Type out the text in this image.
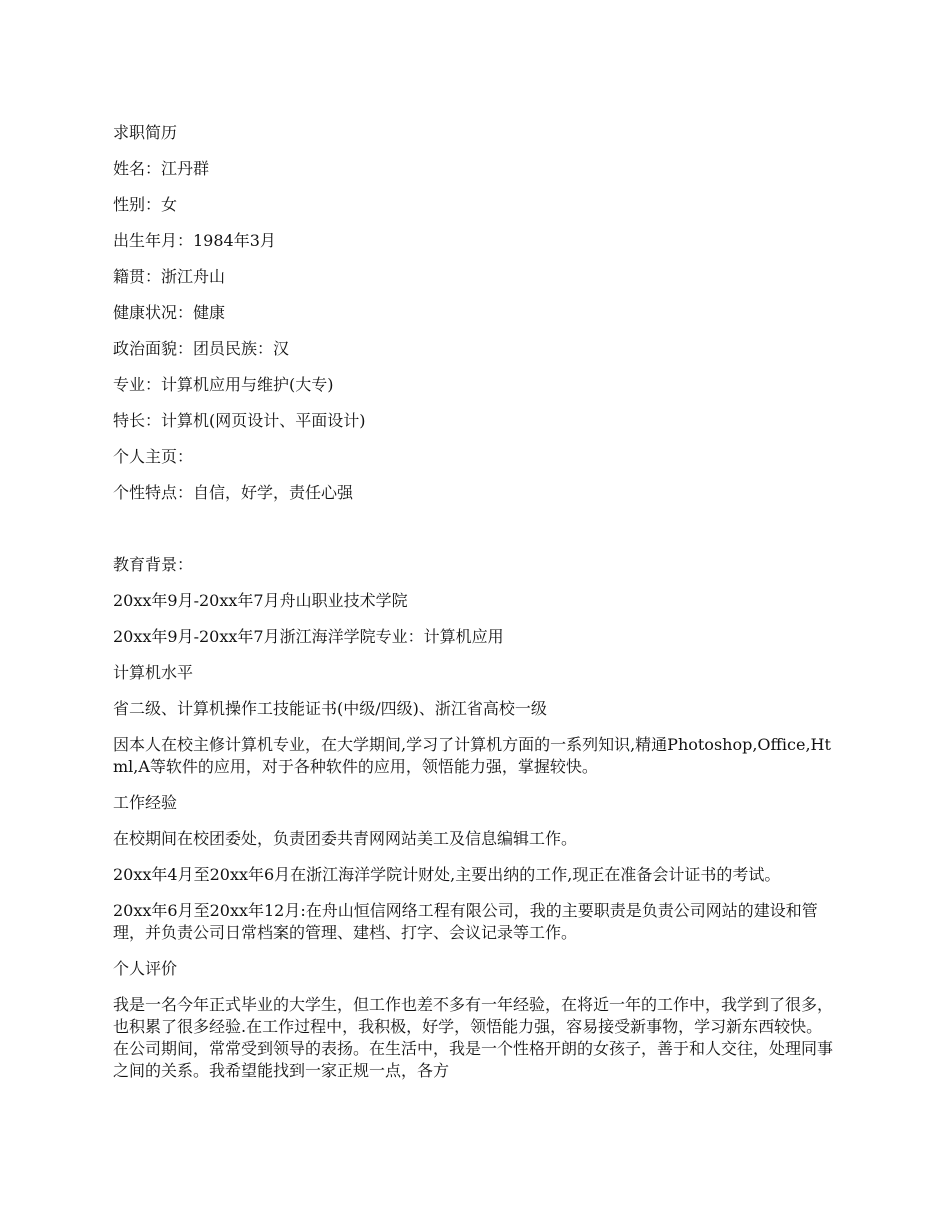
求职简历

姓名：江丹群

性别：女

出生年月：1984年3月

籍贯：浙江舟山

健康状况：健康

政治面貌：团员民族：汉

专业：计算机应用与维护(大专)

特长：计算机(网页设计、平面设计)

个人主页：

个性特点：自信，好学，责任心强

教育背景：

20xx年9月-20xx年7月舟山职业技术学院

20xx年9月-20xx年7月浙江海洋学院专业：计算机应用

计算机水平

省二级、计算机操作工技能证书(中级/四级)、浙江省高校一级

因本人在校主修计算机专业，在大学期间,学习了计算机方面的一系列知识,精通Photoshop,Office,Html,A等软件的应用，对于各种软件的应用，领悟能力强，掌握较快。

工作经验

在校期间在校团委处，负责团委共青网网站美工及信息编辑工作。

20xx年4月至20xx年6月在浙江海洋学院计财处,主要出纳的工作,现正在准备会计证书的考试。

20xx年6月至20xx年12月:在舟山恒信网络工程有限公司，我的主要职责是负责公司网站的建设和管理，并负责公司日常档案的管理、建档、打字、会议记录等工作。

个人评价

我是一名今年正式毕业的大学生，但工作也差不多有一年经验，在将近一年的工作中，我学到了很多，也积累了很多经验.在工作过程中，我积极，好学，领悟能力强，容易接受新事物，学习新东西较快。在公司期间，常常受到领导的表扬。在生活中，我是一个性格开朗的女孩子，善于和人交往，处理同事之间的关系。我希望能找到一家正规一点，各方
